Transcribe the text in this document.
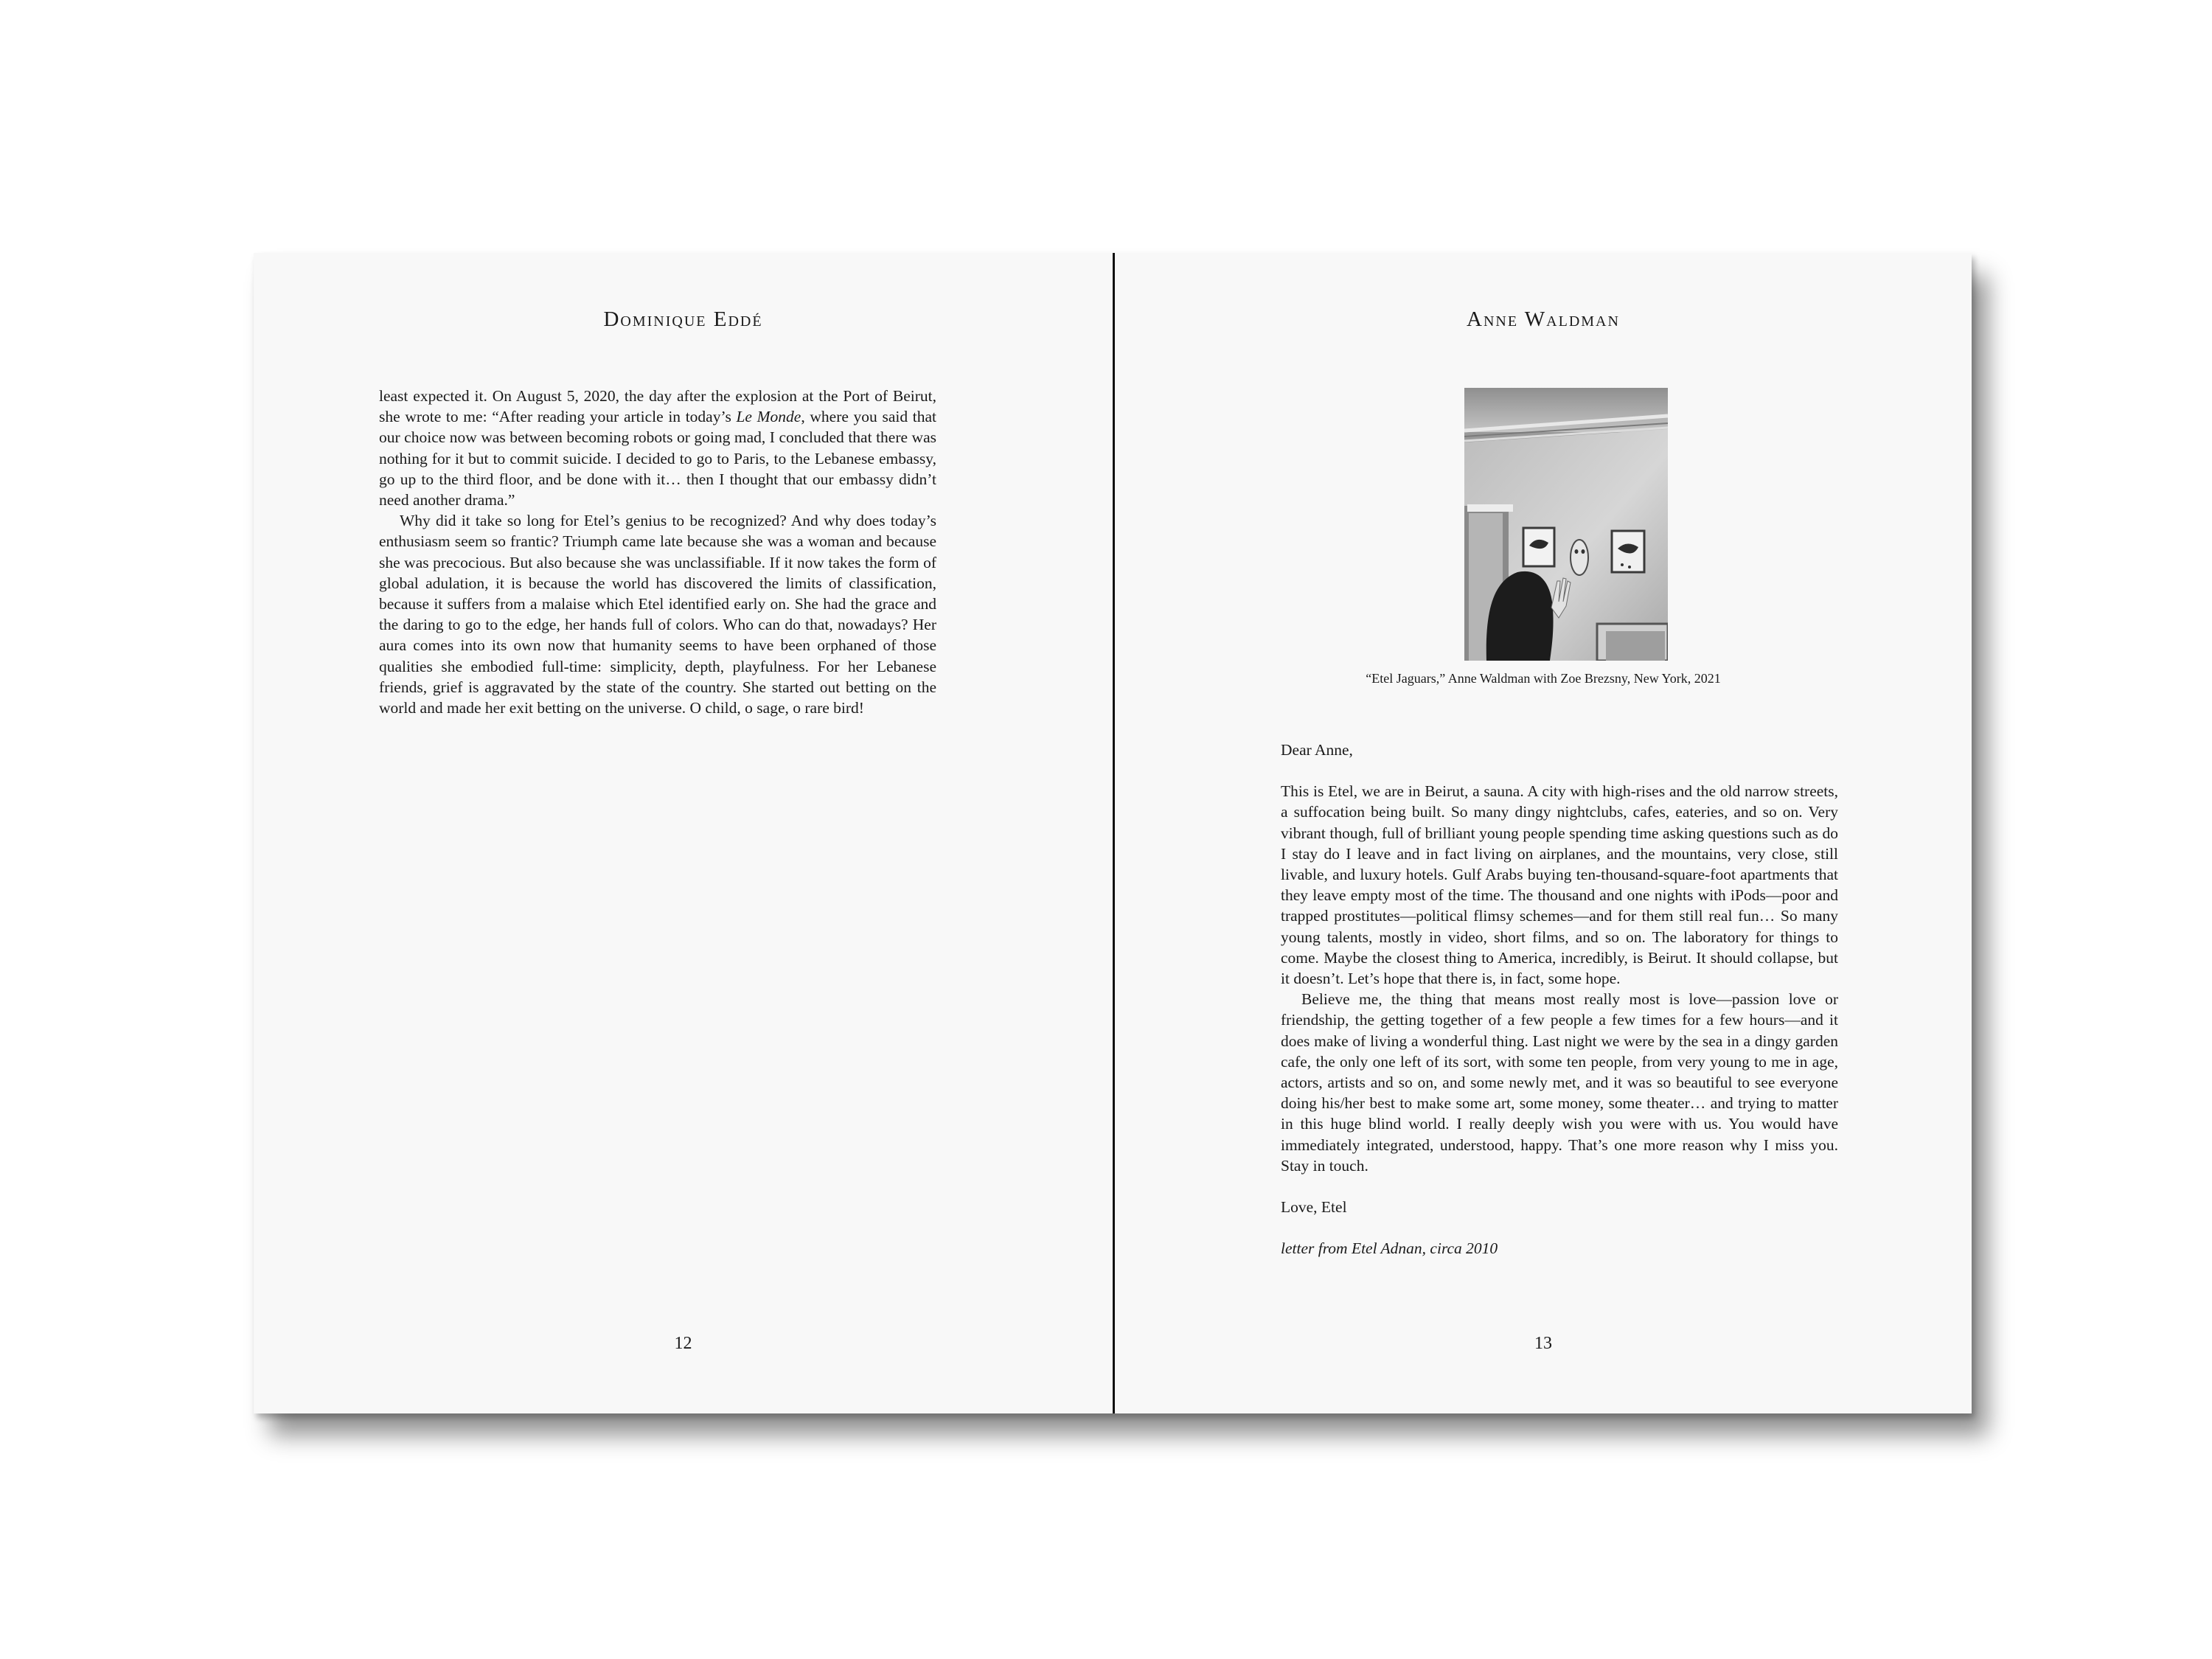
Dominique Eddé

least expected it. On August 5, 2020, the day after the explosion at the Port of Beirut, she wrote to me: “After reading your article in today’s Le Monde, where you said that our choice now was between becoming robots or going mad, I concluded that there was nothing for it but to commit suicide. I decided to go to Paris, to the Lebanese embassy, go up to the third floor, and be done with it… then I thought that our embassy didn’t need another drama.”

Why did it take so long for Etel’s genius to be recognized? And why does today’s enthusiasm seem so frantic? Triumph came late because she was a woman and because she was precocious. But also because she was unclassifiable. If it now takes the form of global adulation, it is because the world has discovered the limits of classification, because it suffers from a malaise which Etel identified early on. She had the grace and the daring to go to the edge, her hands full of colors. Who can do that, nowadays? Her aura comes into its own now that humanity seems to have been orphaned of those qualities she embodied full-time: simplicity, depth, playfulness. For her Lebanese friends, grief is aggravated by the state of the country. She started out betting on the world and made her exit betting on the universe. O child, o sage, o rare bird!

12
Anne Waldman
“Etel Jaguars,” Anne Waldman with Zoe Brezsny, New York, 2021

Dear Anne,

This is Etel, we are in Beirut, a sauna. A city with high-rises and the old narrow streets, a suffocation being built. So many dingy nightclubs, cafes, eateries, and so on. Very vibrant though, full of brilliant young people spending time asking questions such as do I stay do I leave and in fact living on airplanes, and the mountains, very close, still livable, and luxury hotels. Gulf Arabs buying ten-thousand-square-foot apartments that they leave empty most of the time. The thousand and one nights with iPods—poor and trapped prostitutes—political flimsy schemes—and for them still real fun… So many young talents, mostly in video, short films, and so on. The laboratory for things to come. Maybe the closest thing to America, incredibly, is Beirut. It should collapse, but it doesn’t. Let’s hope that there is, in fact, some hope.

Believe me, the thing that means most really most is love—passion love or friendship, the getting together of a few people a few times for a few hours—and it does make of living a wonderful thing. Last night we were by the sea in a dingy garden cafe, the only one left of its sort, with some ten people, from very young to me in age, actors, artists and so on, and some newly met, and it was so beautiful to see everyone doing his/her best to make some art, some money, some theater… and trying to matter in this huge blind world. I really deeply wish you were with us. You would have immediately integrated, understood, happy. That’s one more reason why I miss you. Stay in touch.

Love, Etel

letter from Etel Adnan, circa 2010

13
